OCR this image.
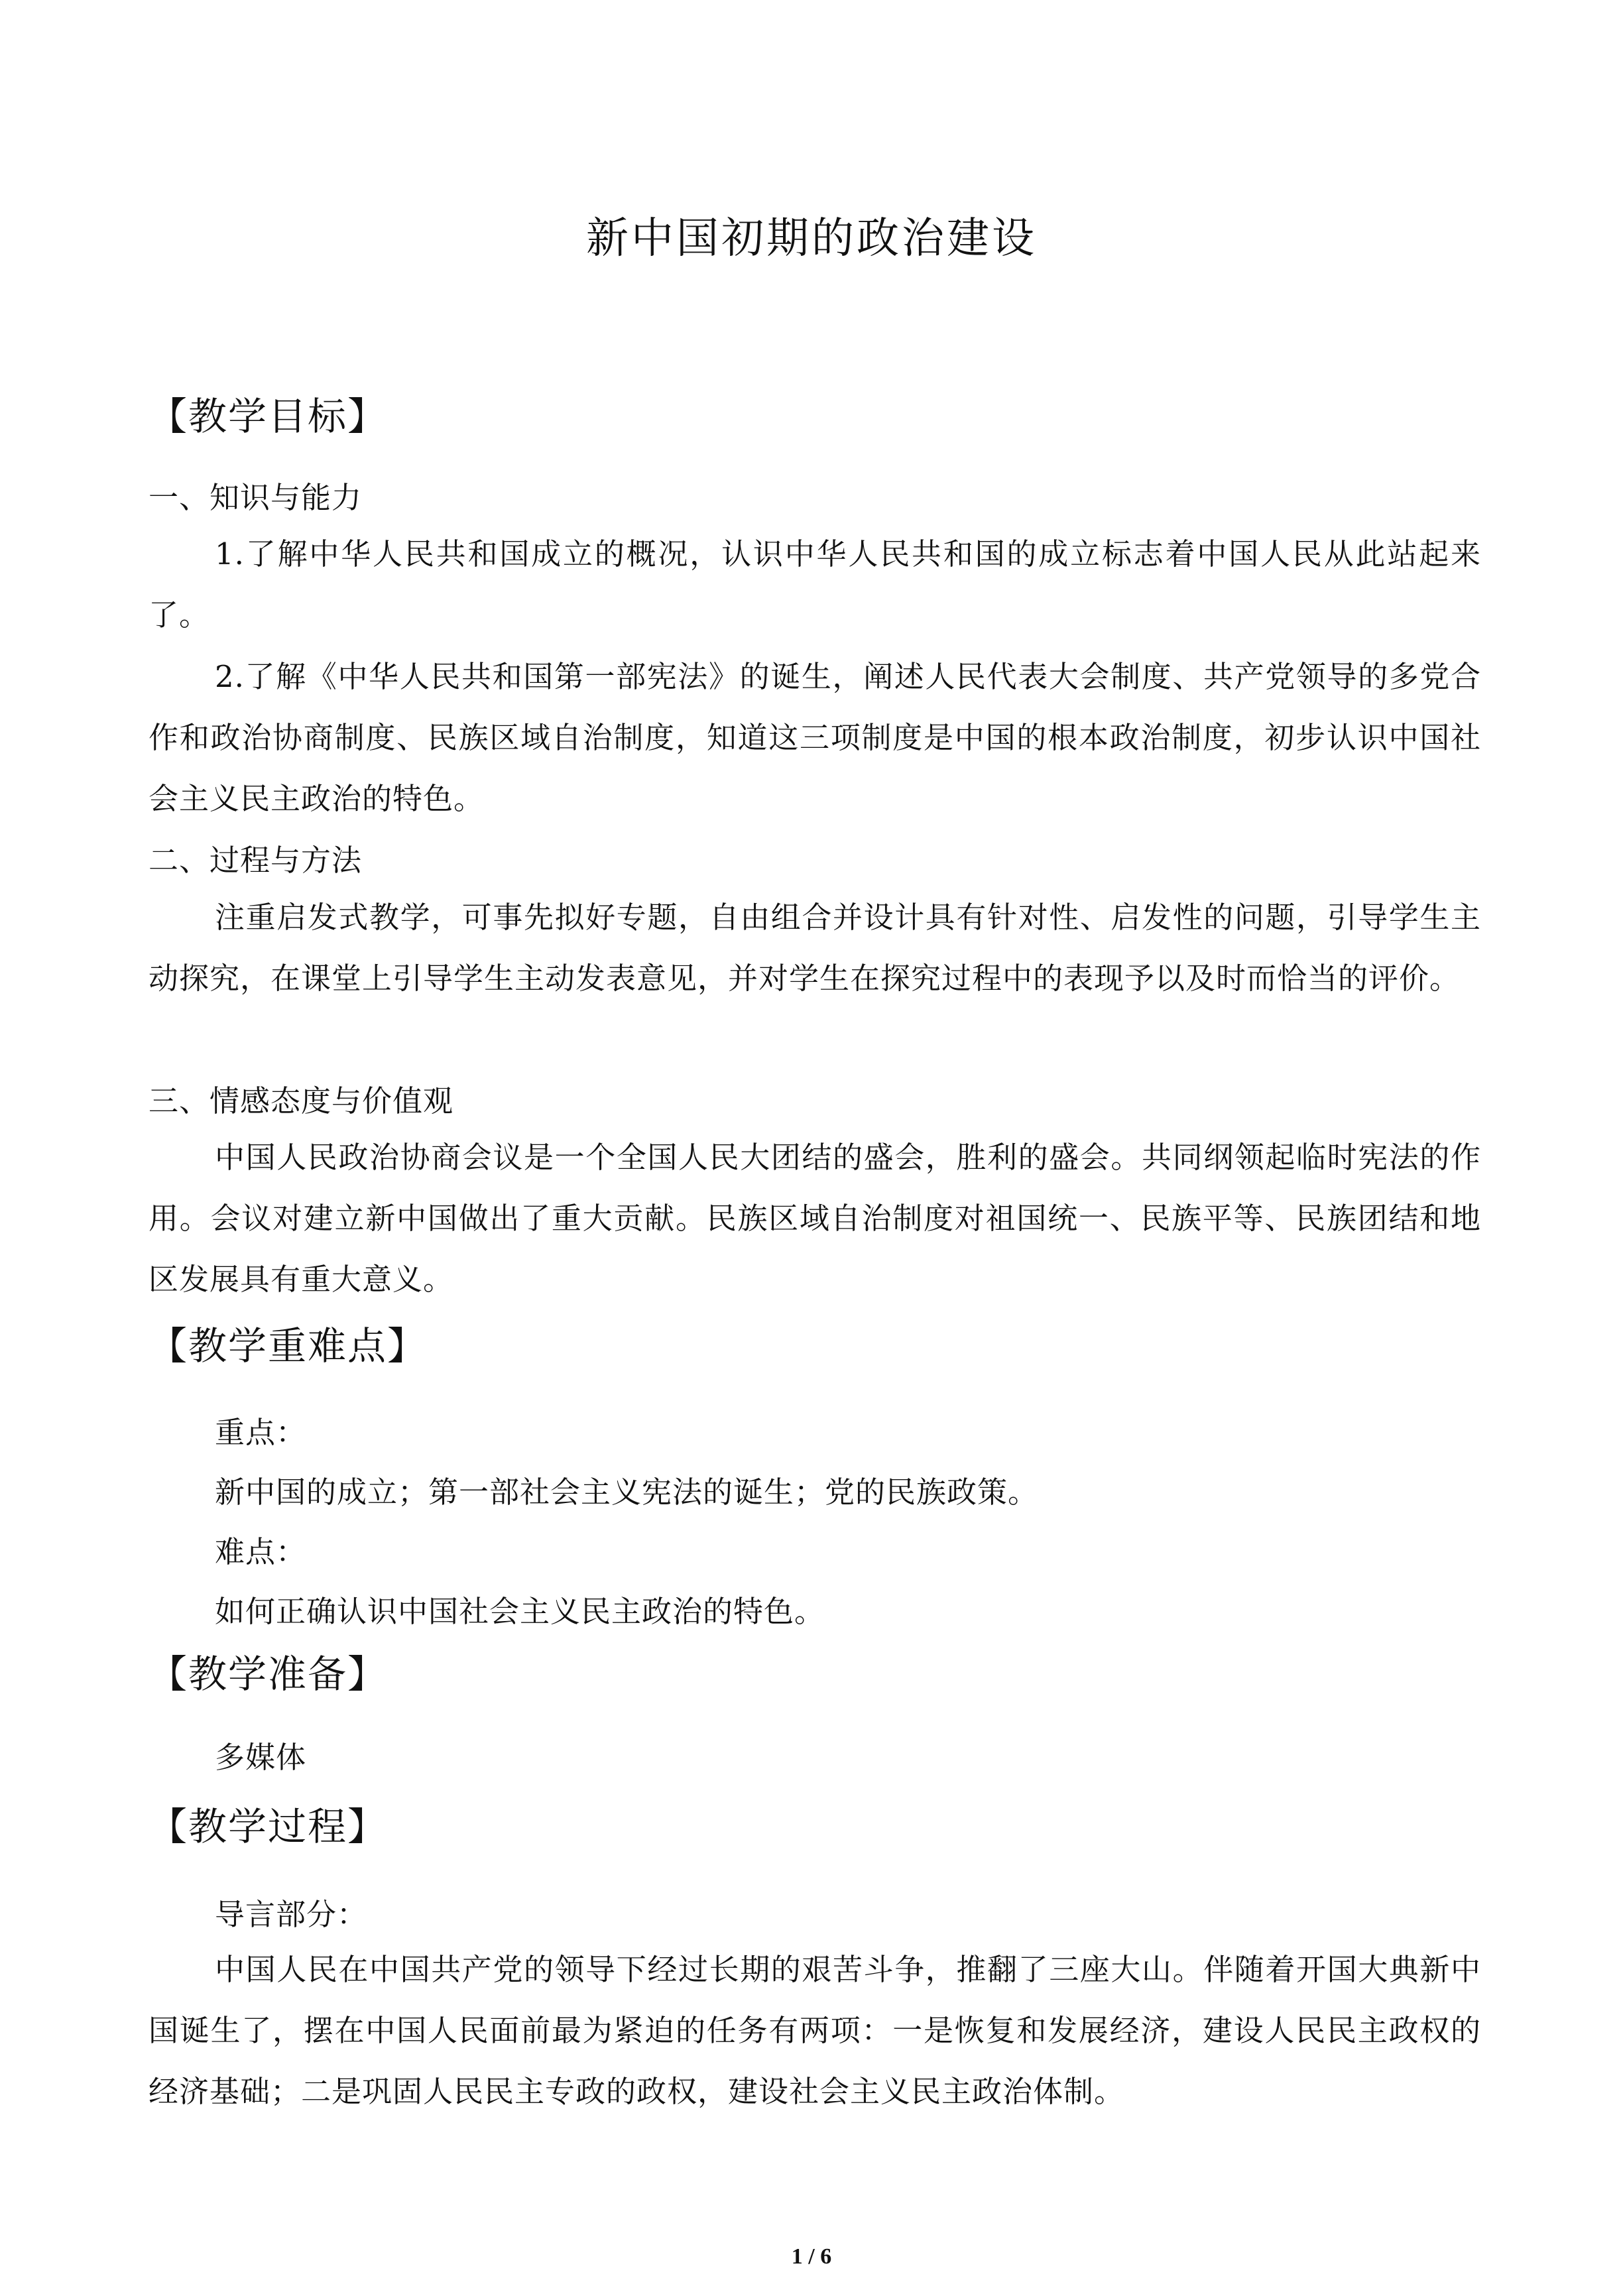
新中国初期的政治建设
【教学目标】
一、知识与能力

1.了解中华人民共和国成立的概况，认识中华人民共和国的成立标志着中国人民从此站起来了。

2.了解《中华人民共和国第一部宪法》的诞生，阐述人民代表大会制度、共产党领导的多党合作和政治协商制度、民族区域自治制度，知道这三项制度是中国的根本政治制度，初步认识中国社会主义民主政治的特色。

二、过程与方法

注重启发式教学，可事先拟好专题，自由组合并设计具有针对性、启发性的问题，引导学生主动探究，在课堂上引导学生主动发表意见，并对学生在探究过程中的表现予以及时而恰当的评价。

三、情感态度与价值观

中国人民政治协商会议是一个全国人民大团结的盛会，胜利的盛会。共同纲领起临时宪法的作用。会议对建立新中国做出了重大贡献。民族区域自治制度对祖国统一、民族平等、民族团结和地区发展具有重大意义。

【教学重难点】
重点：
新中国的成立；第一部社会主义宪法的诞生；党的民族政策。
难点：
如何正确认识中国社会主义民主政治的特色。
【教学准备】
多媒体
【教学过程】
导言部分：

中国人民在中国共产党的领导下经过长期的艰苦斗争，推翻了三座大山。伴随着开国大典新中国诞生了，摆在中国人民面前最为紧迫的任务有两项：一是恢复和发展经济，建设人民民主政权的经济基础；二是巩固人民民主专政的政权，建设社会主义民主政治体制。

1 / 6
